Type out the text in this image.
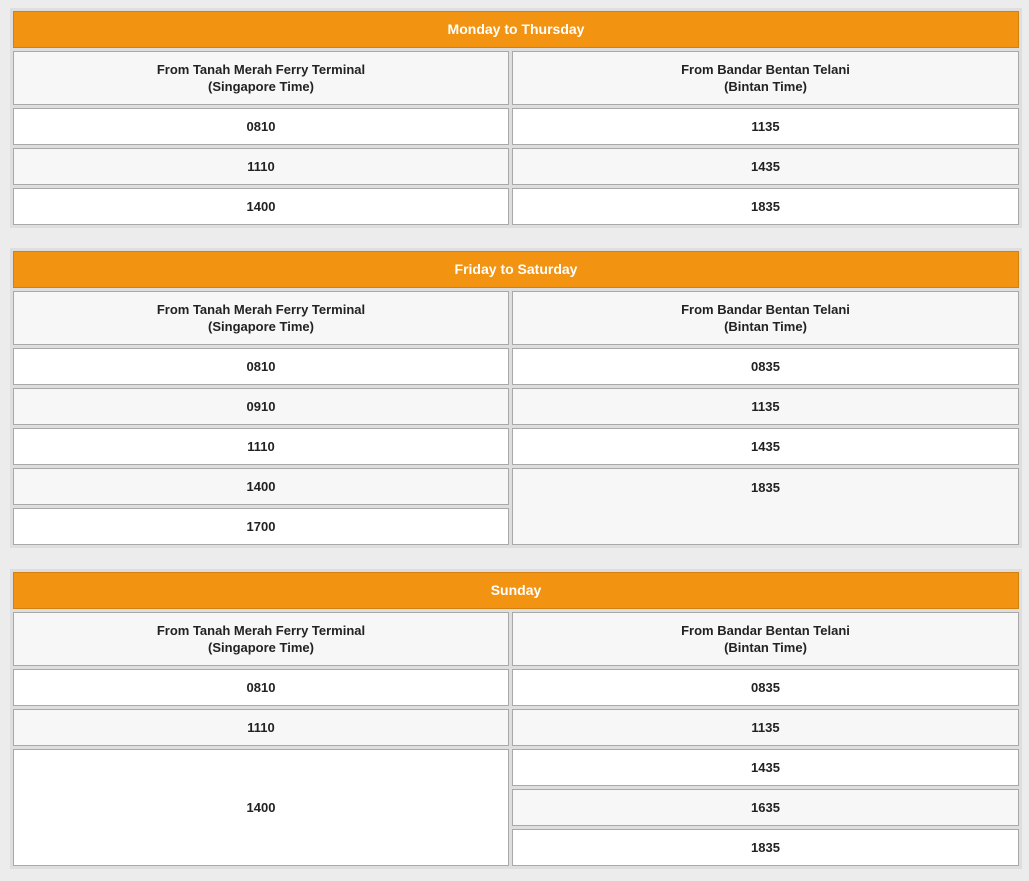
Monday to Thursday	

From Tanah Merah Ferry Terminal
(Singapore Time)	From Bandar Bentan Telani
(Bintan Time)

0810	1135
1110	1435
1400	1835
Friday to Saturday	

From Tanah Merah Ferry Terminal
(Singapore Time)	From Bandar Bentan Telani
(Bintan Time)

0810	0835
0910	1135
1110	1435
1400	1835
1700	
Sunday	

From Tanah Merah Ferry Terminal
(Singapore Time)	From Bandar Bentan Telani
(Bintan Time)

0810	0835
1110	1135
1400	1435
	1635
	1835
